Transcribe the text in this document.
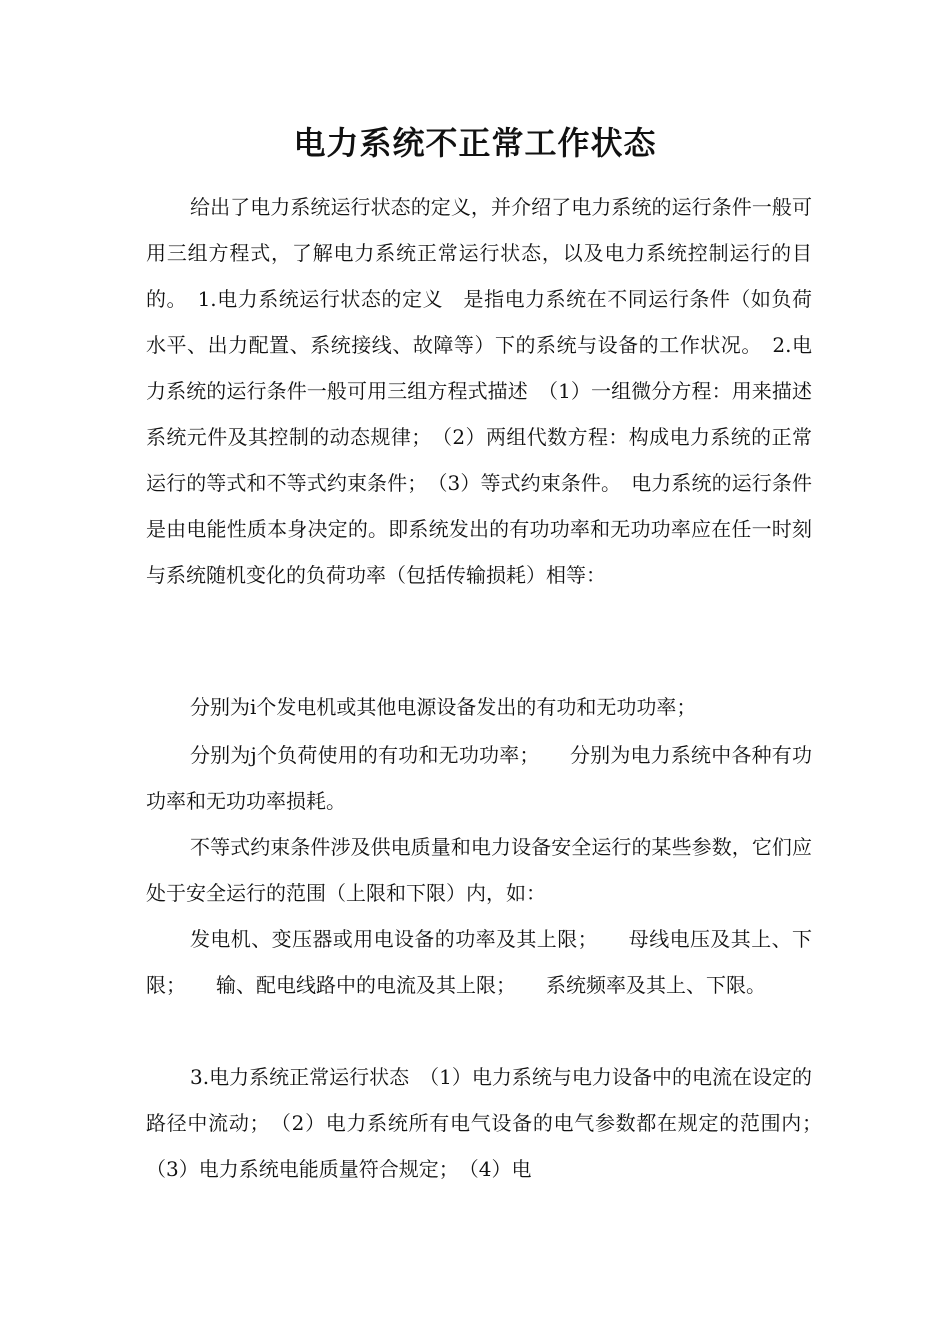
电力系统不正常工作状态

给出了电力系统运行状态的定义，并介绍了电力系统的运行条件一般可用三组方程式，了解电力系统正常运行状态，以及电力系统控制运行的目的。　1.电力系统运行状态的定义　是指电力系统在不同运行条件（如负荷水平、出力配置、系统接线、故障等）下的系统与设备的工作状况。　2.电力系统的运行条件一般可用三组方程式描述　（1）一组微分方程：用来描述系统元件及其控制的动态规律；　（2）两组代数方程：构成电力系统的正常运行的等式和不等式约束条件；　（3）等式约束条件。　电力系统的运行条件是由电能性质本身决定的。即系统发出的有功功率和无功功率应在任一时刻与系统随机变化的负荷功率（包括传输损耗）相等：

分别为i个发电机或其他电源设备发出的有功和无功功率；

分别为j个负荷使用的有功和无功功率；　　分别为电力系统中各种有功功率和无功功率损耗。

不等式约束条件涉及供电质量和电力设备安全运行的某些参数，它们应处于安全运行的范围（上限和下限）内，如：

发电机、变压器或用电设备的功率及其上限；　　母线电压及其上、下限；　　输、配电线路中的电流及其上限；　　系统频率及其上、下限。

3.电力系统正常运行状态　（1）电力系统与电力设备中的电流在设定的路径中流动；　（2）电力系统所有电气设备的电气参数都在规定的范围内；　（3）电力系统电能质量符合规定；　（4）电
